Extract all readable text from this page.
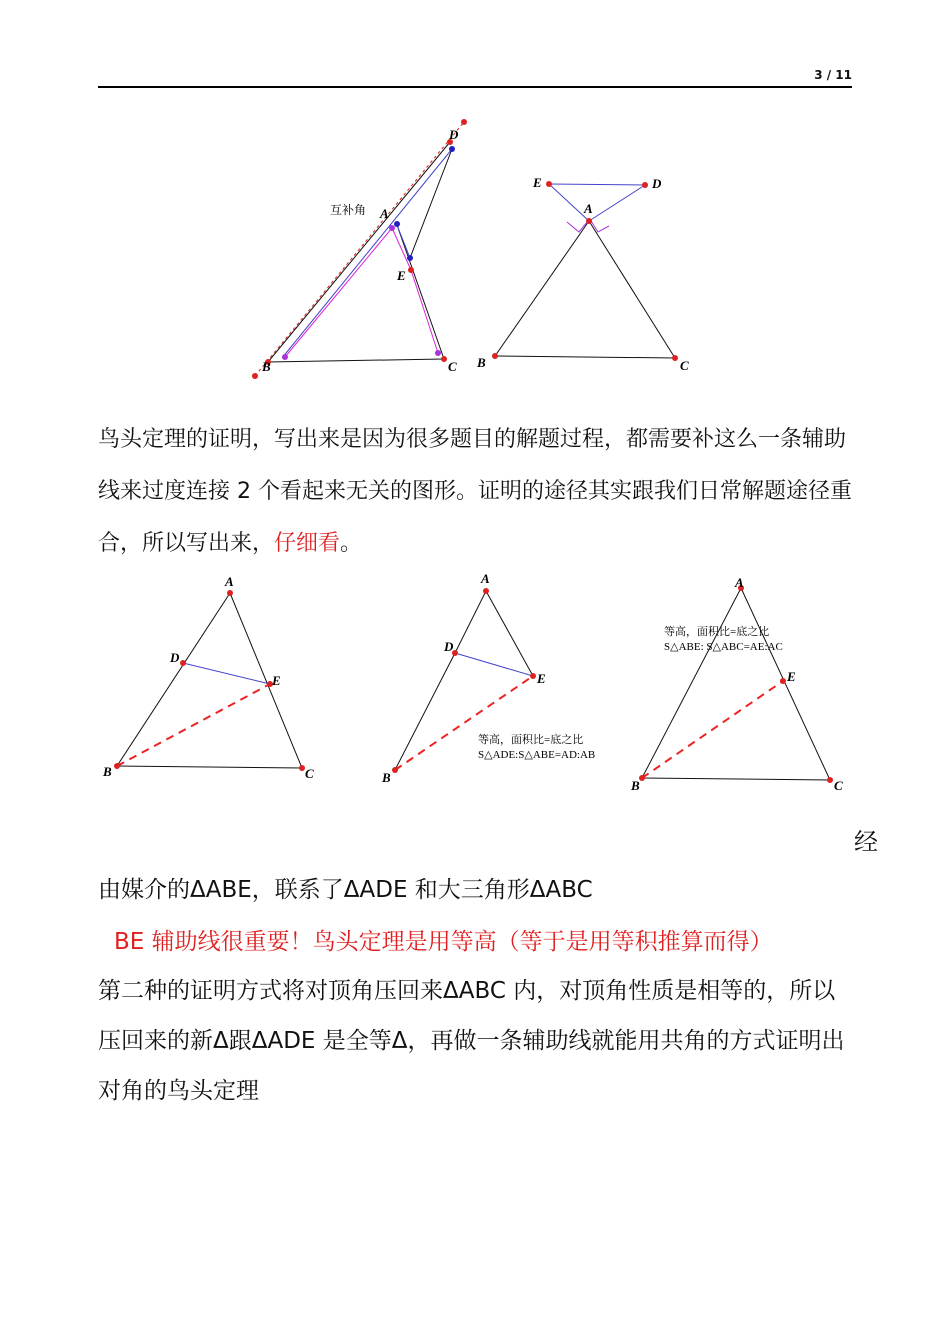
3 / 11
D
A
E
B	C
互补角
E	D
A
B	C
A
D
E
B	C
A
D
E
B
等高，面积比=底之比
S△ADE:S△ABE=AD:AB
A
E
B	C
等高，面积比=底之比
S△ABE: S△ABC=AE:AC

鸟头定理的证明，写出来是因为很多题目的解题过程，都需要补这么一条辅助线来过度连接 2 个看起来无关的图形。证明的途径其实跟我们日常解题途径重合，所以写出来，仔细看。

经

由媒介的ΔABE，联系了ΔADE 和大三角形ΔABC

BE 辅助线很重要！鸟头定理是用等高（等于是用等积推算而得）

第二种的证明方式将对顶角压回来ΔABC 内，对顶角性质是相等的，所以压回来的新Δ跟ΔADE 是全等Δ，再做一条辅助线就能用共角的方式证明出对角的鸟头定理
